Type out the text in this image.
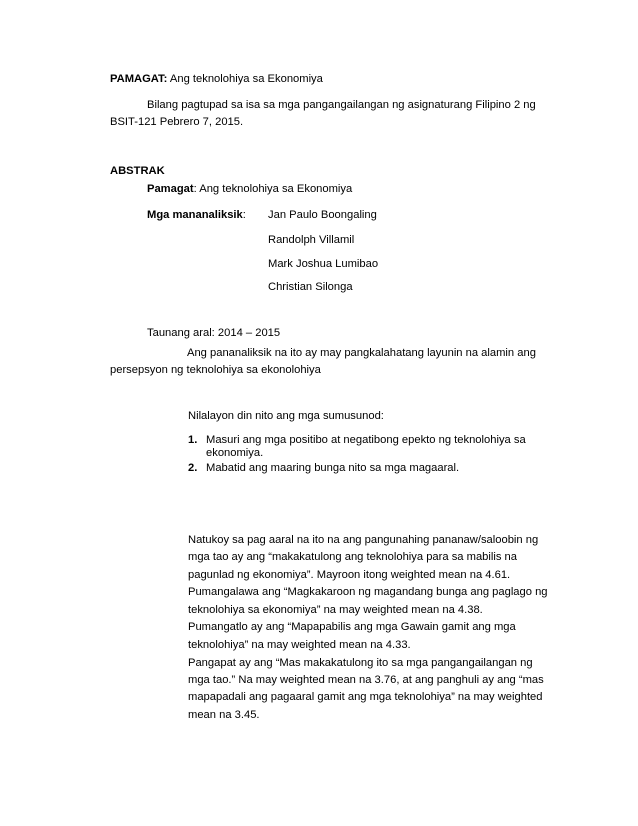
PAMAGAT: Ang teknolohiya sa Ekonomiya
Bilang pagtupad sa isa sa mga pangangailangan ng asignaturang Filipino 2 ng
BSIT-121 Pebrero 7, 2015.
ABSTRAK
Pamagat: Ang teknolohiya sa Ekonomiya
Mga mananaliksik: Jan Paulo Boongaling
Randolph Villamil
Mark Joshua Lumibao
Christian Silonga
Taunang aral: 2014 – 2015
Ang pananaliksik na ito ay may pangkalahatang layunin na alamin ang
persepsyon ng teknolohiya sa ekonolohiya
Nilalayon din nito ang mga sumusunod:
1. Masuri ang mga positibo at negatibong epekto ng teknolohiya sa
ekonomiya.
2. Mabatid ang maaring bunga nito sa mga magaaral.
Natukoy sa pag aaral na ito na ang pangunahing pananaw/saloobin ng
mga tao ay ang “makakatulong ang teknolohiya para sa mabilis na
pagunlad ng ekonomiya”. Mayroon itong weighted mean na 4.61.
Pumangalawa ang “Magkakaroon ng magandang bunga ang paglago ng
teknolohiya sa ekonomiya” na may weighted mean na 4.38.
Pumangatlo ay ang “Mapapabilis ang mga Gawain gamit ang mga
teknolohiya” na may weighted mean na 4.33.
Pangapat ay ang “Mas makakatulong ito sa mga pangangailangan ng
mga tao.” Na may weighted mean na 3.76, at ang panghuli ay ang “mas
mapapadali ang pagaaral gamit ang mga teknolohiya” na may weighted
mean na 3.45.
